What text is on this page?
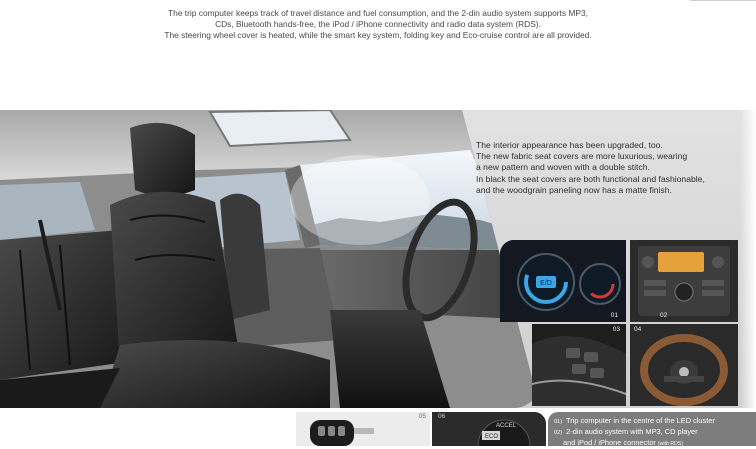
The trip computer keeps track of travel distance and fuel consumption, and the 2-din audio system supports MP3,
CDs, Bluetooth hands-free, the iPod / iPhone connectivity and radio data system (RDS).
The steering wheel cover is heated, while the smart key system, folding key and Eco-cruise control are all provided.
The interior appearance has been upgraded, too.
The new fabric seat covers are more luxurious, wearing
a new pattern and woven with a double stitch.
In black the seat covers are both functional and fashionable,
and the woodgrain paneling now has a matte finish.
E/D
01	02
03 04
05
ACCEL
ECO
06
01) Trip computer in the centre of the LED cluster
02) 2-din audio system with MP3, CD player
and iPod / iPhone connector (with RDS)
